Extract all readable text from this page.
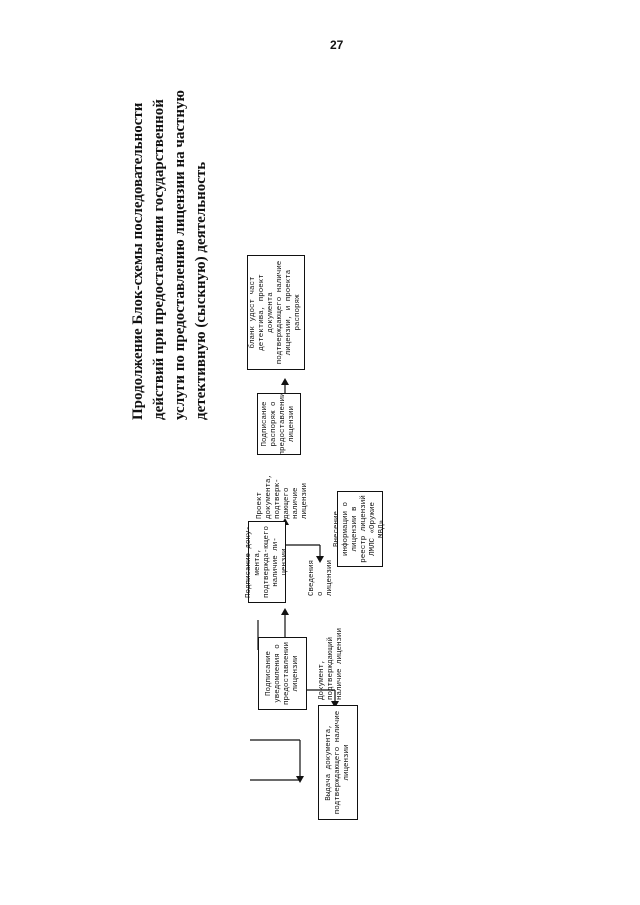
27
Продолжение Блок-схемы последовательности действий при предоставлении государственной услуги по предоставлению лицензии на частную детективную (сыскную) деятельность	бланк удост част детектива, проект документа подтверждающего наличие лицензии, и проекта распоряж
Подписание распоряж о предоставлении лицензии
Проект
документа,
подтверж-
дающего
наличие
лицензии
Подписание доку-мента, подтвержда-ющего наличие ли-цензии	Сведения о
лицензии
Внесение информации о лицензии в реестр лицензий ЛМЛС «Оружие МВД»
Подписание уведомления о предоставлении лицензии	Документ,
подтверждающий
наличие лицензии
Выдача документа, подтверждающего наличие лицензии
